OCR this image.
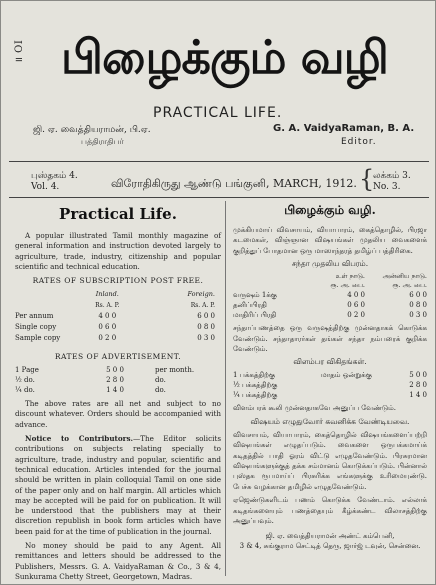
॥ ΟΙ பிழைக்கும் வழி
PRACTICAL LIFE.
ஜி. ஏ. வைத்தியராமன், பி.ஏ.
பத்திராதிபர்
G. A. VaidyaRaman, B. A.
Editor.
புஸ்தகம் 4.
Vol. 4.	விரோதிகிருது ஆண்டு பங்குனி, MARCH, 1912. {
லக்கம் 3.
No. 3.
Practical Life.

A popular illustrated Tamil monthly magazine of general information and instruction devoted largely to agriculture, trade, industry, citizenship and popular scientific and technical education.

RATES OF SUBSCRIPTION POST FREE.
	Inland.	Foreign.
	Rs. A. P.	Rs. A. P.
Per annum	4 0 0	6 0 0
Single copy	0 6 0	0 8 0
Sample copy	0 2 0	0 3 0
RATES OF ADVERTISEMENT.
1 Page	5 0 0	per month.
½ do.	2 8 0	do.
¼ do.	1 4 0	do.

The above rates are all net and subject to no discount whatever. Orders should be accompanied with advance.

Notice to Contributors.—The Editor solicits contributions on subjects relating specially to agriculture, trade, industry and popular, scientific and technical education. Articles intended for the journal should be written in plain colloquial Tamil on one side of the paper only and on half margin. All articles which may be accepted will be paid for on publication. It will be understood that the publishers may at their discretion republish in book form articles which have been paid for at the time of publication in the journal.

No money should be paid to any Agent. All remittances and letters should be addressed to the Publishers, Messrs. G. A. VaidyaRaman & Co., 3 & 4, Sunkurama Chetty Street, Georgetown, Madras.

பிழைக்கும் வழி.

முக்கியமாய் விவசாயம், வியாபாரம், கைத்தொழில், பிரஜா கடமைகள், விஞ்ஞான விஷயங்கள் முதலிய வைகளைக் குறித்துப் போதமான ஒரு மாஸாந்தரத் தமிழ்ப் பத்திரிகை.

சந்தா முதலிய விபரம்.
உள் நாடு.	அன்னிய நாடு.
ரூ. அ. பை.	ரூ. அ. பை.
வருஷம் 1க்கு	4 0 0	6 0 0
தனிப்பிரதி	0 6 0	0 8 0
மாதிரிப் பிரதி	0 2 0	0 3 0

சந்தாப்பணத்தை ஒரு வருஷத்திற்கு முன்னதாகக் கொடுக்க வேண்டும். சந்தாதாரர்கள் தங்கள் சந்தா நம்பரைக் குறிக்க வேண்டும்.

விளம்பர விகிதங்கள்.
1 பக்கத்திற்கு	மாதம் ஒன்றுக்கு	5 0 0
½ பக்கத்திற்கு	2 8 0
¼ பக்கத்திற்கு	1 4 0

விளம்பரக் கூலி முன்னதாகவே அனுப்ப வேண்டும்.

விஷயம் எழுதுவோர் கவனிக்க வேண்டியவை.

விவசாயம், வியாபாரம், கைத்தொழில் விஷயங்களைப்பற்றி விஷயங்கள் எழுதப்படும். வைகளை ஒருபக்கமாய்க் கடிதத்தில் பாதி ஓரம் விட்டு எழுதவேண்டும். பிரசுரமான விஷயங்களுக்குத் தக்க சம்மானம் கொடுக்கப்படும். பின்னால் புஸ்தக ரூபமாய்ப் பிரசுரிக்க எங்களுக்கு உரிமையுண்டு. பேச்சு வழக்கான தமிழில் எழுதவேண்டும்.

ஏஜெண்டுகளிடம் பணம் கொடுக்க வேண்டாம். எல்லாக் கடிதங்களையும் பணத்தையும் கீழ்க்கண்ட விலாசத்திற்கு அனுப்பவும்.

ஜி. ஏ. வைத்தியராமன் அண்ட் கம்பெனி,
3 & 4, சுங்குராம செட்டித் தெரு, ஜார்ஜ் டவுன், சென்னை.
